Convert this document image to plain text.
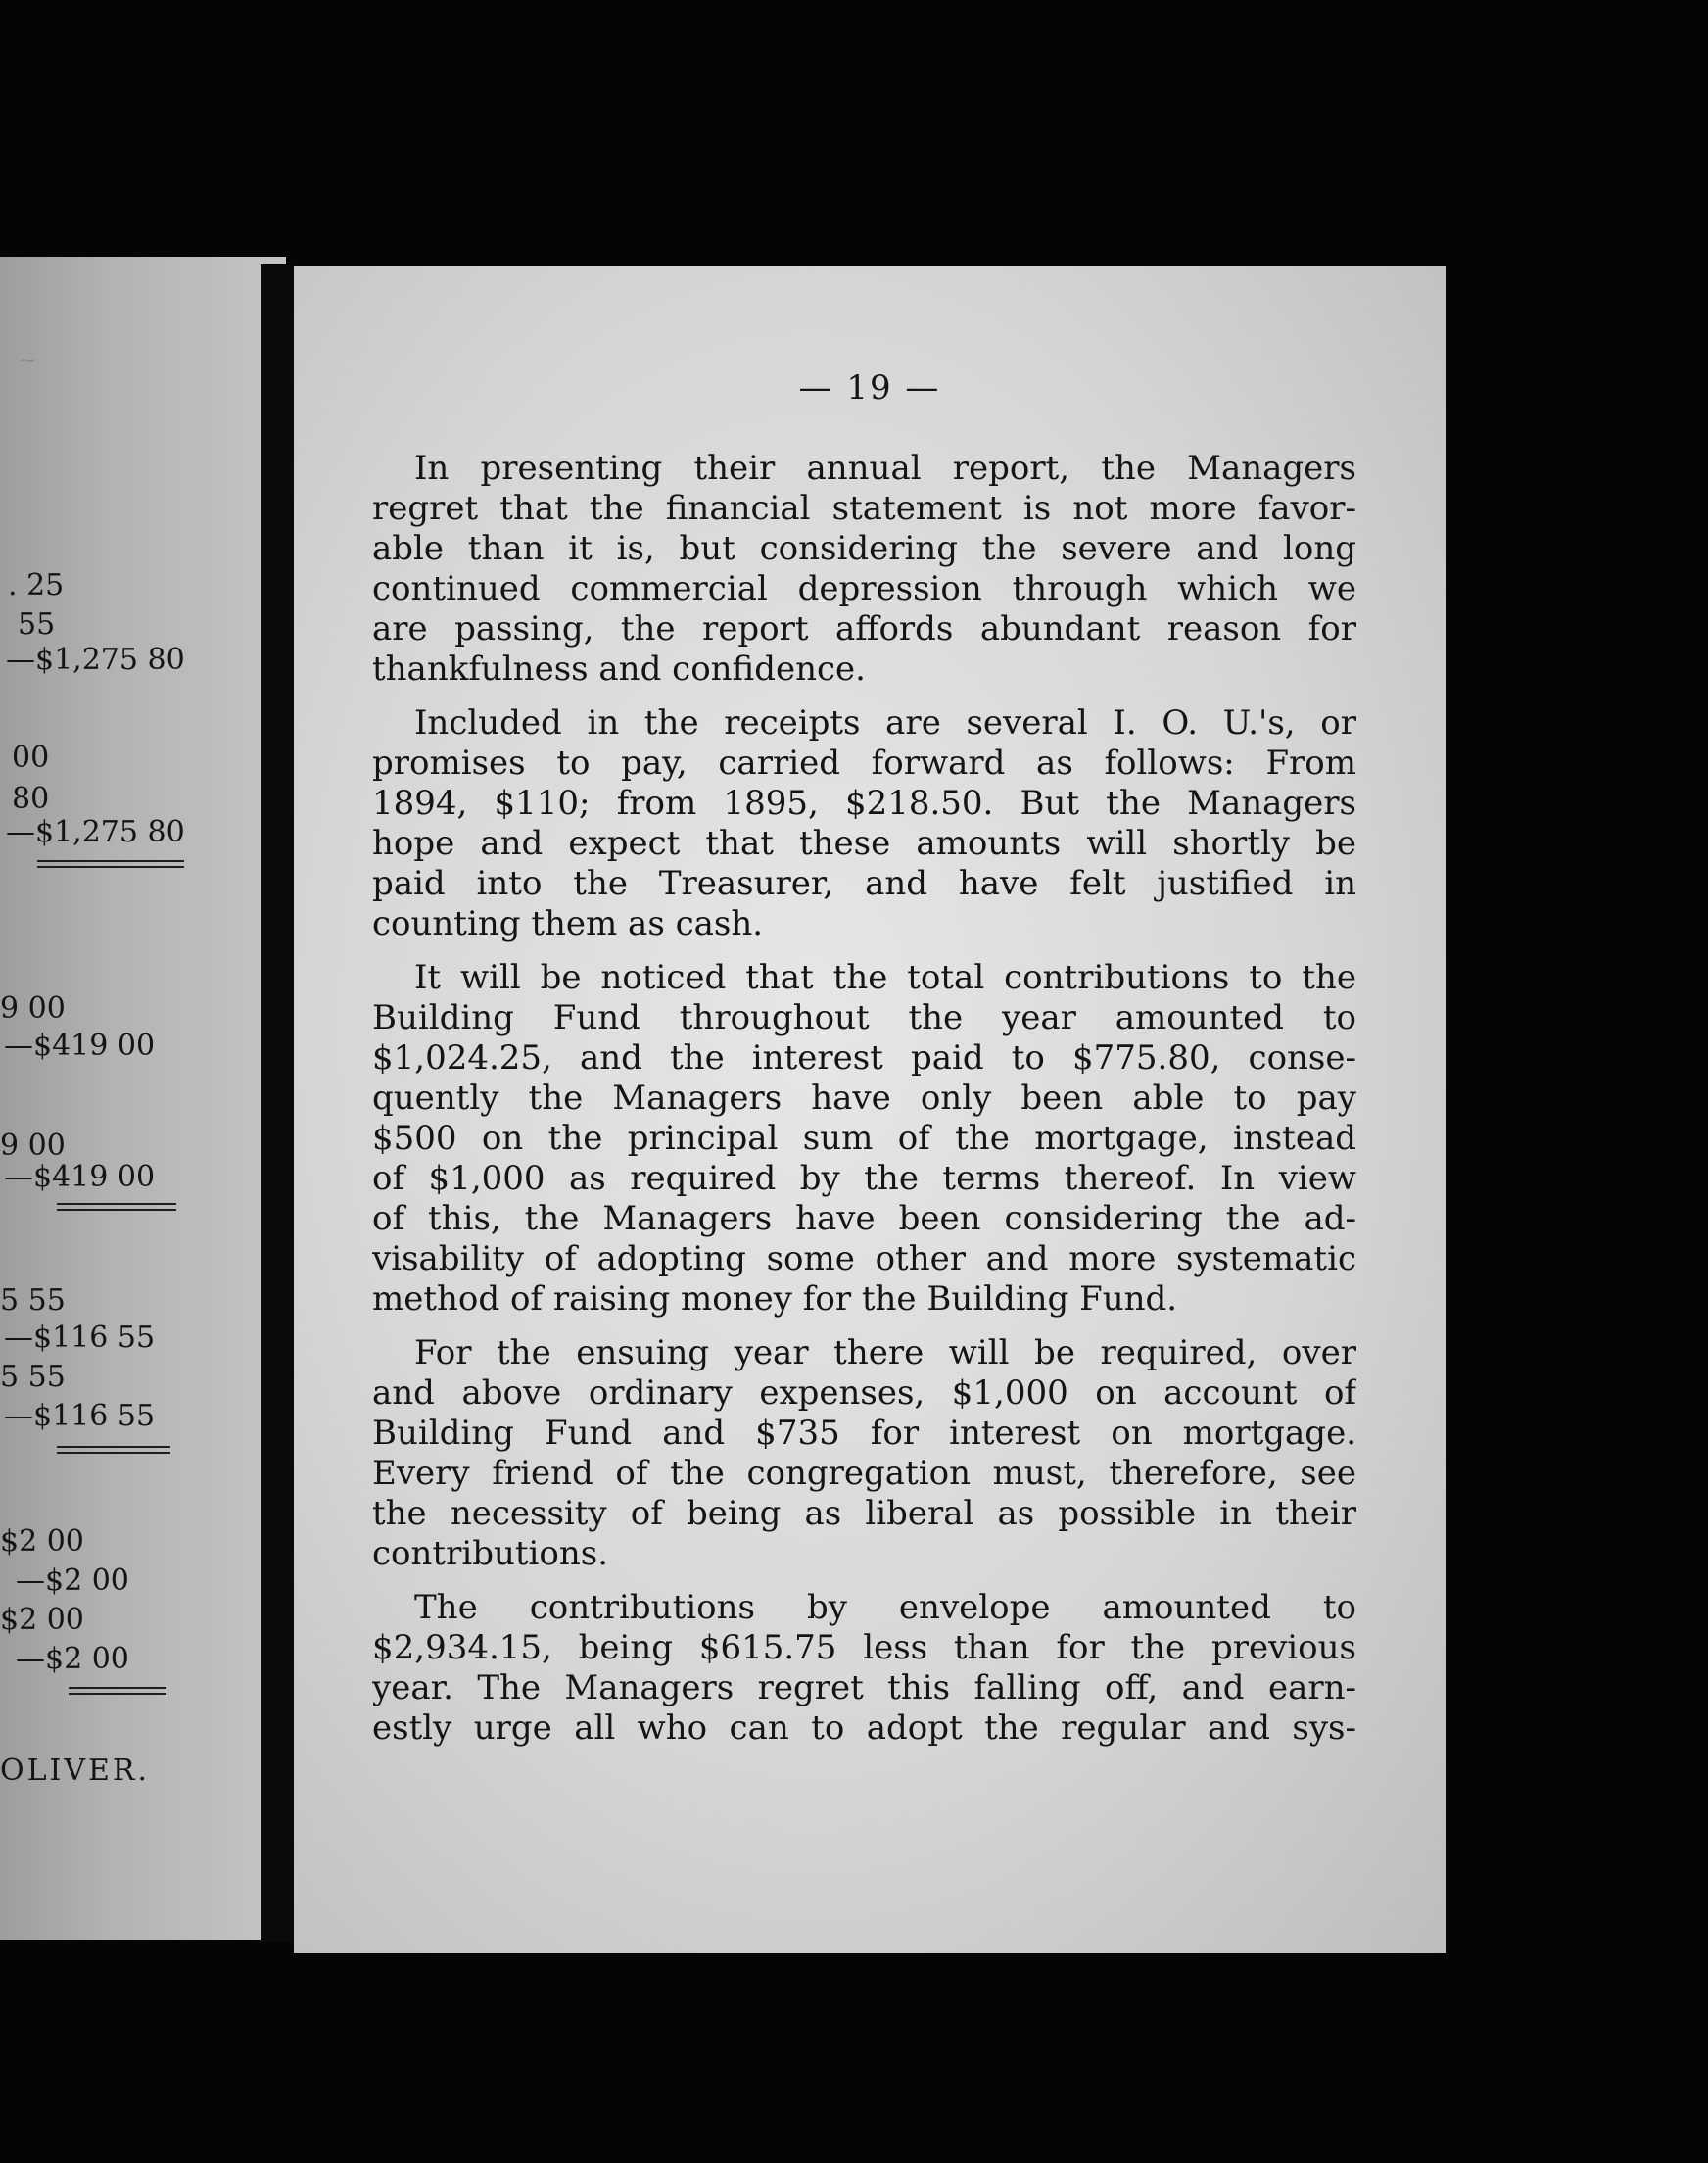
~
. 25
55
—$1,275 80
00
80
—$1,275 80
9 00
—$419 00
9 00
—$419 00
5 55
—$116 55
5 55
—$116 55
$2 00
—$2 00
$2 00
—$2 00
OLIVER.
— 19 —
In presenting their annual report, the Managers
regret that the financial statement is not more favor-
able than it is, but considering the severe and long
continued commercial depression through which we
are passing, the report affords abundant reason for
thankfulness and confidence.
Included in the receipts are several I. O. U.'s, or
promises to pay, carried forward as follows: From
1894, $110; from 1895, $218.50. But the Managers
hope and expect that these amounts will shortly be
paid into the Treasurer, and have felt justified in
counting them as cash.
It will be noticed that the total contributions to the
Building Fund throughout the year amounted to
$1,024.25, and the interest paid to $775.80, conse-
quently the Managers have only been able to pay
$500 on the principal sum of the mortgage, instead
of $1,000 as required by the terms thereof. In view
of this, the Managers have been considering the ad-
visability of adopting some other and more systematic
method of raising money for the Building Fund.
For the ensuing year there will be required, over
and above ordinary expenses, $1,000 on account of
Building Fund and $735 for interest on mortgage.
Every friend of the congregation must, therefore, see
the necessity of being as liberal as possible in their
contributions.
The contributions by envelope amounted to
$2,934.15, being $615.75 less than for the previous
year. The Managers regret this falling off, and earn-
estly urge all who can to adopt the regular and sys-
